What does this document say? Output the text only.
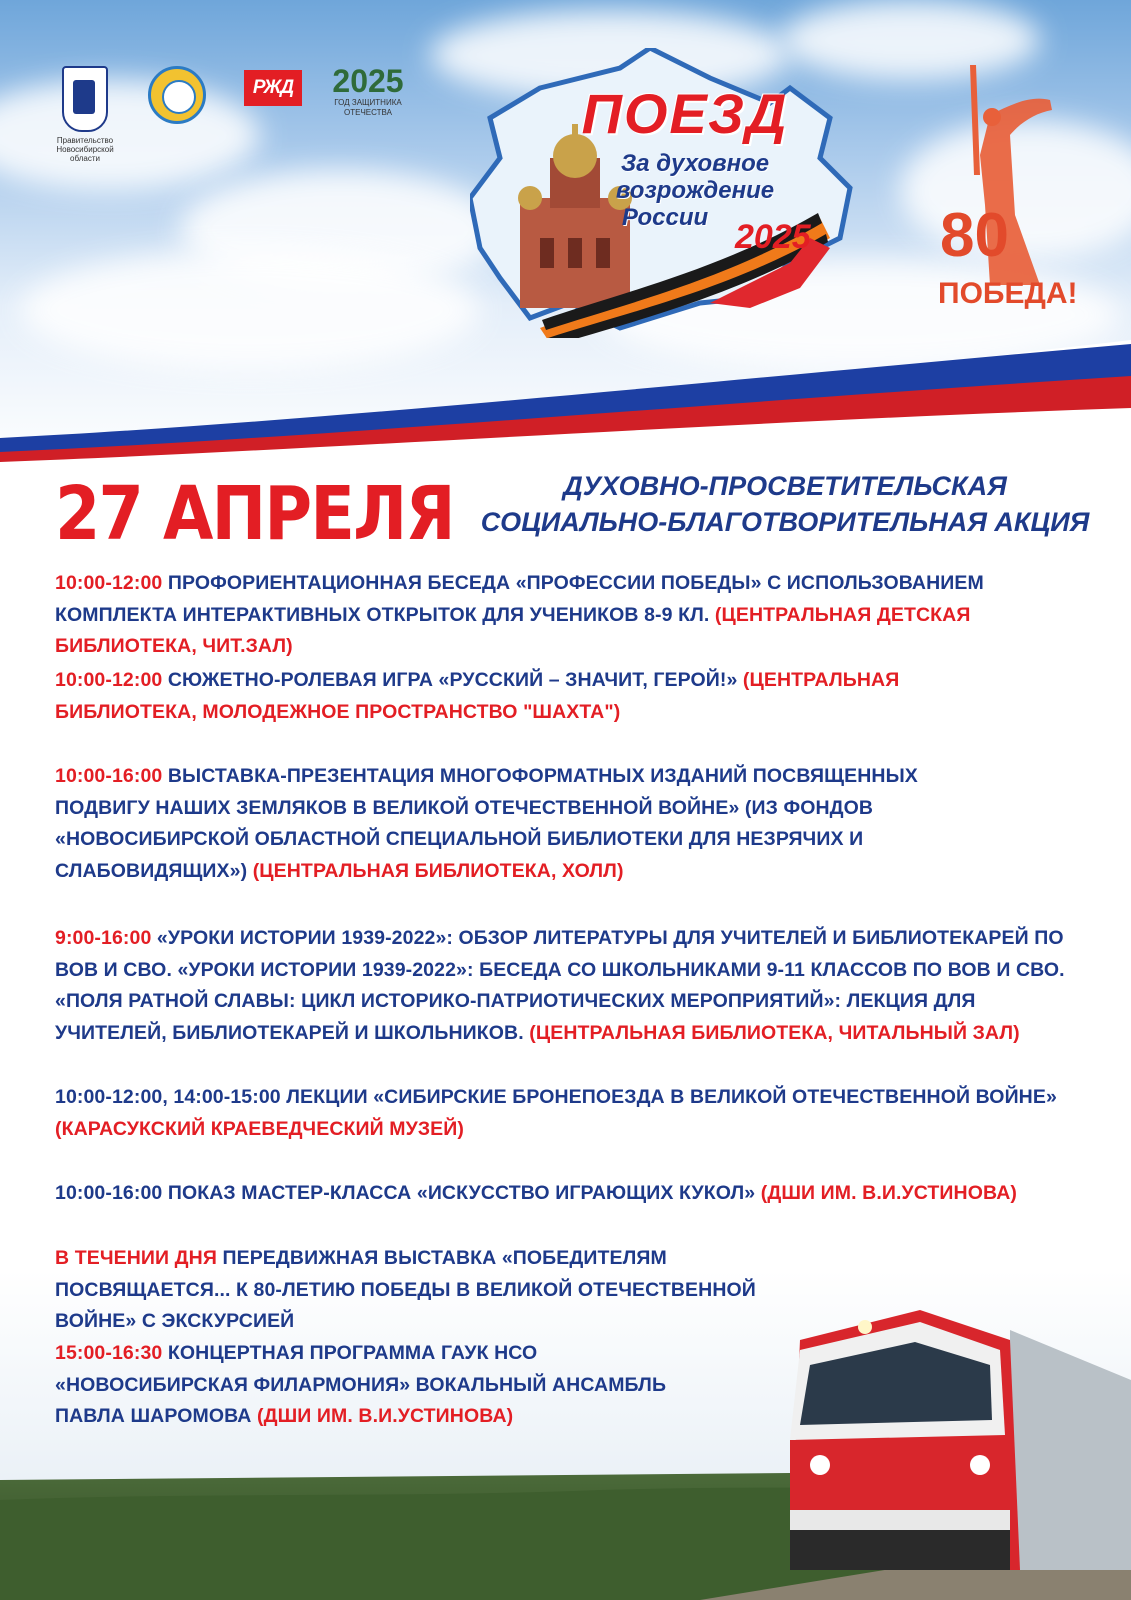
Правительство Новосибирской области
РЖД 2025
ГОД ЗАЩИТНИКА ОТЕЧЕСТВА	ПОЕЗД
За духовное
возрождение
России
2025 80
ПОБЕДА!
27 АПРЕЛЯ	ДУХОВНО-ПРОСВЕТИТЕЛЬСКАЯ
СОЦИАЛЬНО-БЛАГОТВОРИТЕЛЬНАЯ АКЦИЯ
10:00-12:00 ПРОФОРИЕНТАЦИОННАЯ БЕСЕДА «ПРОФЕССИИ ПОБЕДЫ» С ИСПОЛЬЗОВАНИЕМ КОМПЛЕКТА ИНТЕРАКТИВНЫХ ОТКРЫТОК ДЛЯ УЧЕНИКОВ 8-9 КЛ. (ЦЕНТРАЛЬНАЯ ДЕТСКАЯ БИБЛИОТЕКА, ЧИТ.ЗАЛ)
10:00-12:00 СЮЖЕТНО-РОЛЕВАЯ ИГРА «РУССКИЙ – ЗНАЧИТ, ГЕРОЙ!» (ЦЕНТРАЛЬНАЯ БИБЛИОТЕКА, МОЛОДЕЖНОЕ ПРОСТРАНСТВО "ШАХТА")
10:00-16:00 ВЫСТАВКА-ПРЕЗЕНТАЦИЯ МНОГОФОРМАТНЫХ ИЗДАНИЙ ПОСВЯЩЕННЫХ ПОДВИГУ НАШИХ ЗЕМЛЯКОВ В ВЕЛИКОЙ ОТЕЧЕСТВЕННОЙ ВОЙНЕ» (ИЗ ФОНДОВ «НОВОСИБИРСКОЙ ОБЛАСТНОЙ СПЕЦИАЛЬНОЙ БИБЛИОТЕКИ ДЛЯ НЕЗРЯЧИХ И СЛАБОВИДЯЩИХ») (ЦЕНТРАЛЬНАЯ БИБЛИОТЕКА, ХОЛЛ)
9:00-16:00 «УРОКИ ИСТОРИИ 1939-2022»: ОБЗОР ЛИТЕРАТУРЫ ДЛЯ УЧИТЕЛЕЙ И БИБЛИОТЕКАРЕЙ ПО ВОВ И СВО. «УРОКИ ИСТОРИИ 1939-2022»: БЕСЕДА СО ШКОЛЬНИКАМИ 9-11 КЛАССОВ ПО ВОВ И СВО. «ПОЛЯ РАТНОЙ СЛАВЫ: ЦИКЛ ИСТОРИКО-ПАТРИОТИЧЕСКИХ МЕРОПРИЯТИЙ»: ЛЕКЦИЯ ДЛЯ УЧИТЕЛЕЙ, БИБЛИОТЕКАРЕЙ И ШКОЛЬНИКОВ. (ЦЕНТРАЛЬНАЯ БИБЛИОТЕКА, ЧИТАЛЬНЫЙ ЗАЛ)
10:00-12:00, 14:00-15:00 ЛЕКЦИИ «СИБИРСКИЕ БРОНЕПОЕЗДА В ВЕЛИКОЙ ОТЕЧЕСТВЕННОЙ ВОЙНЕ» (КАРАСУКСКИЙ КРАЕВЕДЧЕСКИЙ МУЗЕЙ)
10:00-16:00 ПОКАЗ МАСТЕР-КЛАССА «ИСКУССТВО ИГРАЮЩИХ КУКОЛ» (ДШИ ИМ. В.И.УСТИНОВА)
В ТЕЧЕНИИ ДНЯ ПЕРЕДВИЖНАЯ ВЫСТАВКА «ПОБЕДИТЕЛЯМ ПОСВЯЩАЕТСЯ... К 80-ЛЕТИЮ ПОБЕДЫ В ВЕЛИКОЙ ОТЕЧЕСТВЕННОЙ ВОЙНЕ» С ЭКСКУРСИЕЙ
15:00-16:30 КОНЦЕРТНАЯ ПРОГРАММА ГАУК НСО «НОВОСИБИРСКАЯ ФИЛАРМОНИЯ» ВОКАЛЬНЫЙ АНСАМБЛЬ ПАВЛА ШАРОМОВА (ДШИ ИМ. В.И.УСТИНОВА)
